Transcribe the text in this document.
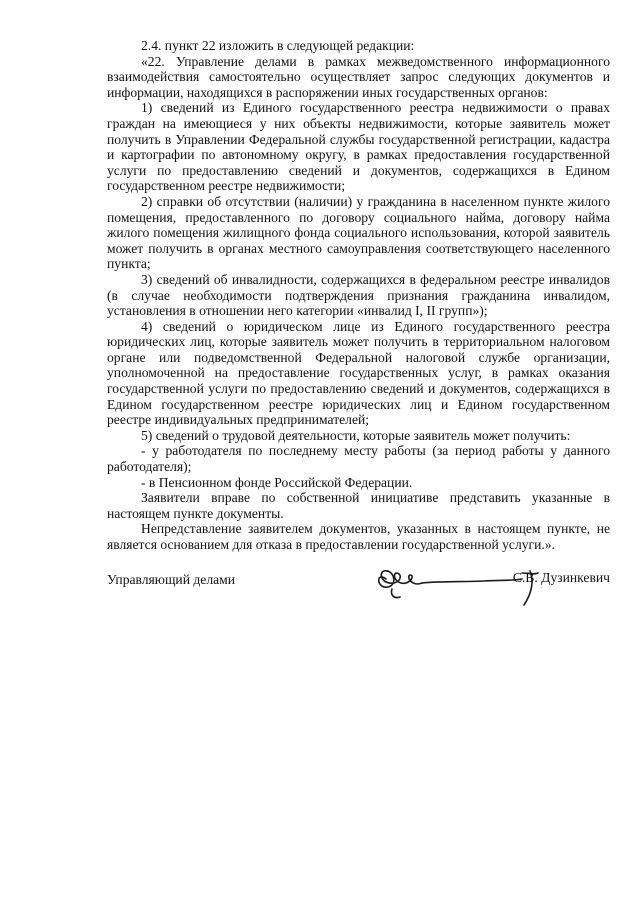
2.4. пункт 22 изложить в следующей редакции:

«22. Управление делами в рамках межведомственного информационного взаимодействия самостоятельно осуществляет запрос следующих документов и информации, находящихся в распоряжении иных государственных органов:

1) сведений из Единого государственного реестра недвижимости о правах граждан на имеющиеся у них объекты недвижимости, которые заявитель может получить в Управлении Федеральной службы государственной регистрации, кадастра и картографии по автономному округу, в рамках предоставления государственной услуги по предоставлению сведений и документов, содержащихся в Едином государственном реестре недвижимости;

2) справки об отсутствии (наличии) у гражданина в населенном пункте жилого помещения, предоставленного по договору социального найма, договору найма жилого помещения жилищного фонда социального использования, которой заявитель может получить в органах местного самоуправления соответствующего населенного пункта;

3) сведений об инвалидности, содержащихся в федеральном реестре инвалидов (в случае необходимости подтверждения признания гражданина инвалидом, установления в отношении него категории «инвалид I, II групп»);

4) сведений о юридическом лице из Единого государственного реестра юридических лиц, которые заявитель может получить в территориальном налоговом органе или подведомственной Федеральной налоговой службе организации, уполномоченной на предоставление государственных услуг, в рамках оказания государственной услуги по предоставлению сведений и документов, содержащихся в Едином государственном реестре юридических лиц и Едином государственном реестре индивидуальных предпринимателей;

5) сведений о трудовой деятельности, которые заявитель может получить:

- у работодателя по последнему месту работы (за период работы у данного работодателя);

- в Пенсионном фонде Российской Федерации.

Заявители вправе по собственной инициативе представить указанные в настоящем пункте документы.

Непредставление заявителем документов, указанных в настоящем пункте, не является основанием для отказа в предоставлении государственной услуги.».

Управляющий делами	С.В. Дузинкевич
